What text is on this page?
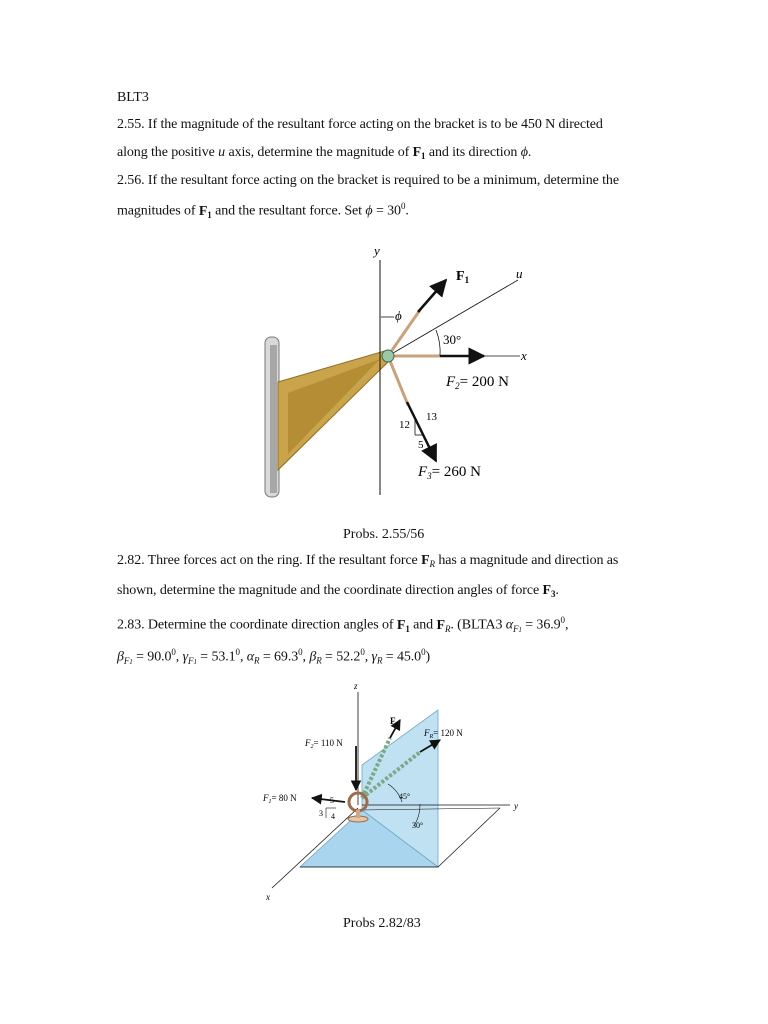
BLT3
2.55. If the magnitude of the resultant force acting on the bracket is to be 450 N directed
along the positive u axis, determine the magnitude of $F_1$ and its direction ϕ.
2.56. If the resultant force acting on the bracket is required to be a minimum, determine the
magnitudes of $F_1$ and the resultant force. Set $\phi = 30^0$.
y
u
x
$F_1$
ϕ
30°
$F_2= 200$ N
12
13
5
$F_3= 260$ N
Probs. 2.55/56
2.82. Three forces act on the ring. If the resultant force $F_R$ has a magnitude and direction as
shown, determine the magnitude and the coordinate direction angles of force $F_3$.
2.83. Determine the coordinate direction angles of $F_1$ and $F_R$. (BLTA3 $\alpha_{F1} = 36.9^0$,
$\beta_{F1} = 90.0^0$, $\gamma_{F1} = 53.1^0$, $\alpha_R = 69.3^0$, $\beta_R = 52.2^0$, $\gamma_R = 45.0^0$)
z
y
x
$F_3$
$F_R= 120$ N
$F_2= 110$ N
$F_1= 80$ N	5
3 4
45°
30°
Probs 2.82/83
